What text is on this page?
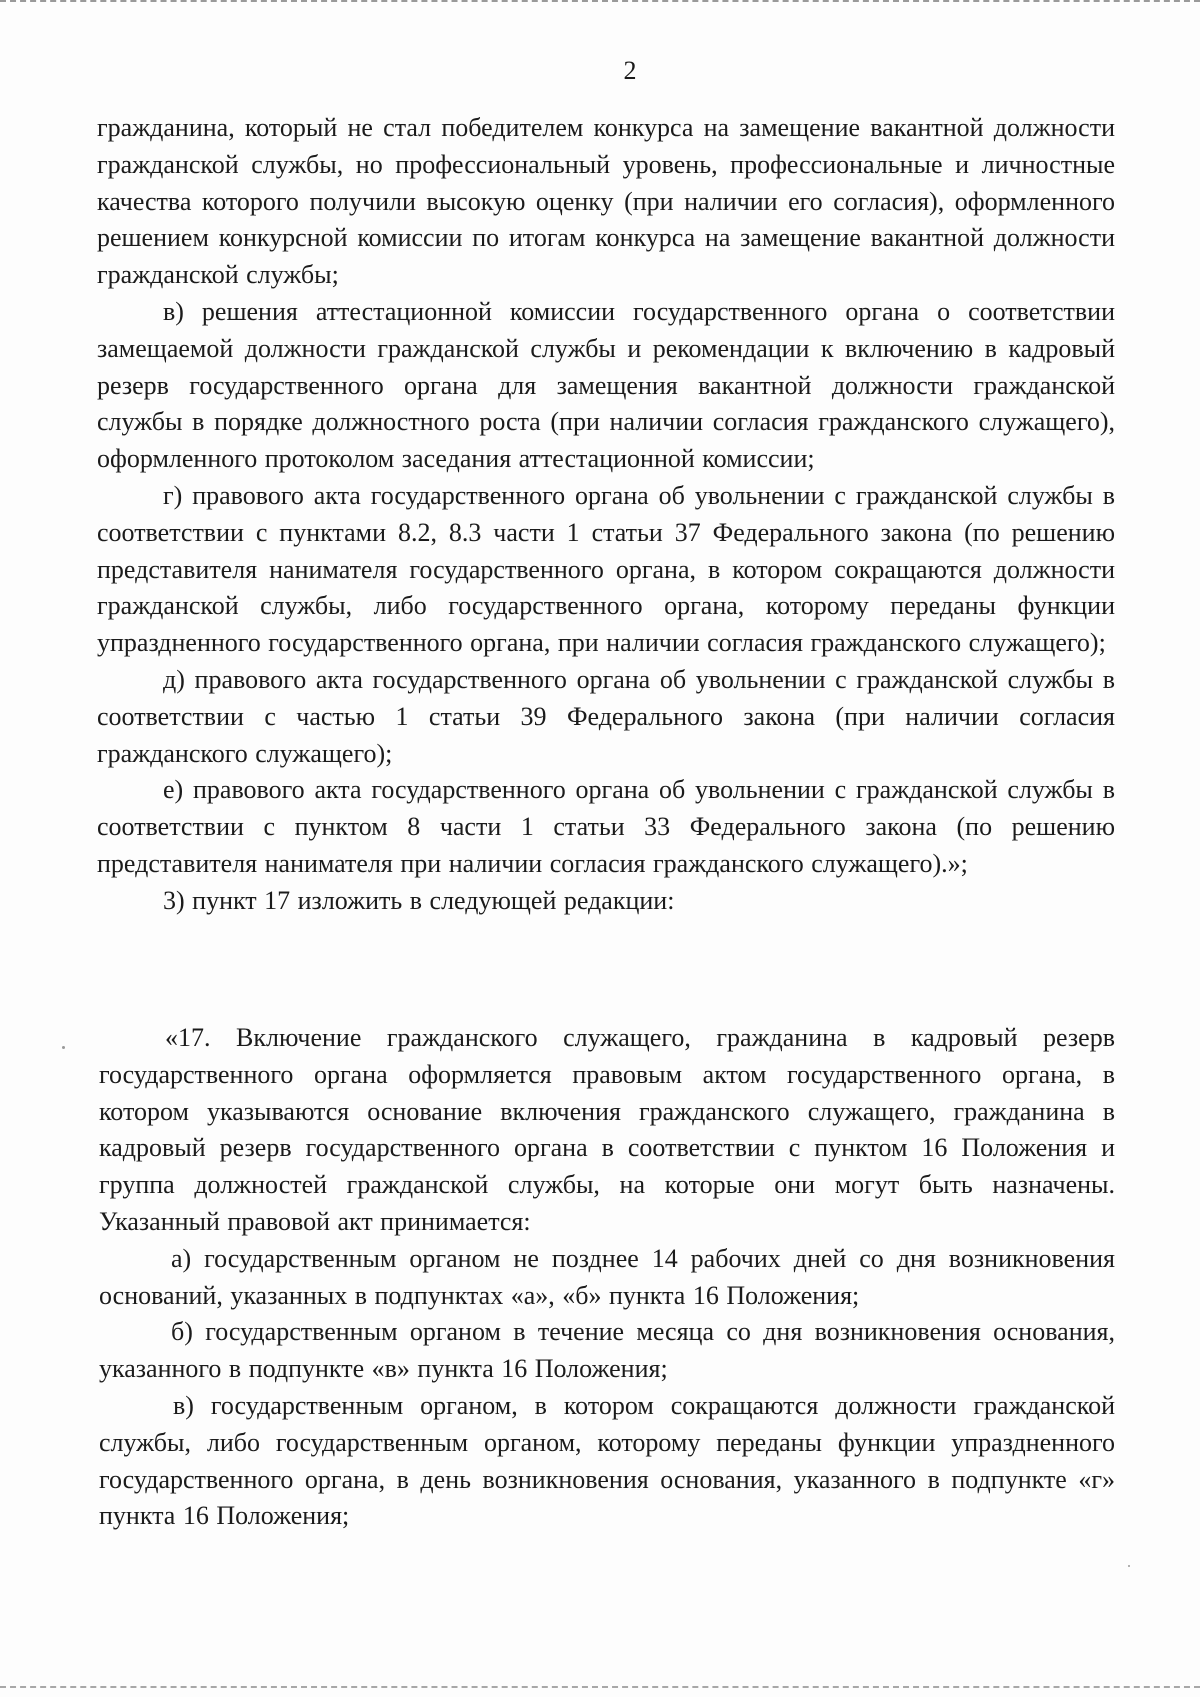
2

гражданина, который не стал победителем конкурса на замещение вакантной должности гражданской службы, но профессиональный уровень, профессиональные и личностные качества которого получили высокую оценку (при наличии его согласия), оформленного решением конкурсной комиссии по итогам конкурса на замещение вакантной должности гражданской службы;

в) решения аттестационной комиссии государственного органа о соответствии замещаемой должности гражданской службы и рекомендации к включению в кадровый резерв государственного органа для замещения вакантной должности гражданской службы в порядке должностного роста (при наличии согласия гражданского служащего), оформленного протоколом заседания аттестационной комиссии;

г) правового акта государственного органа об увольнении с гражданской службы в соответствии с пунктами 8.2, 8.3 части 1 статьи 37 Федерального закона (по решению представителя нанимателя государственного органа, в котором сокращаются должности гражданской службы, либо государственного органа, которому переданы функции упраздненного государственного органа, при наличии согласия гражданского служащего);

д) правового акта государственного органа об увольнении с гражданской службы в соответствии с частью 1 статьи 39 Федерального закона (при наличии согласия гражданского служащего);

е) правового акта государственного органа об увольнении с гражданской службы в соответствии с пунктом 8 части 1 статьи 33 Федерального закона (по решению представителя нанимателя при наличии согласия гражданского служащего).»;

3) пункт 17 изложить в следующей редакции:

«17. Включение гражданского служащего, гражданина в кадровый резерв государственного органа оформляется правовым актом государственного органа, в котором указываются основание включения гражданского служащего, гражданина в кадровый резерв государственного органа в соответствии с пунктом 16 Положения и группа должностей гражданской службы, на которые они могут быть назначены. Указанный правовой акт принимается:

а) государственным органом не позднее 14 рабочих дней со дня возникновения оснований, указанных в подпунктах «а», «б» пункта 16 Положения;

б) государственным органом в течение месяца со дня возникновения основания, указанного в подпункте «в» пункта 16 Положения;

в) государственным органом, в котором сокращаются должности гражданской службы, либо государственным органом, которому переданы функции упраздненного государственного органа, в день возникновения основания, указанного в подпункте «г» пункта 16 Положения;
